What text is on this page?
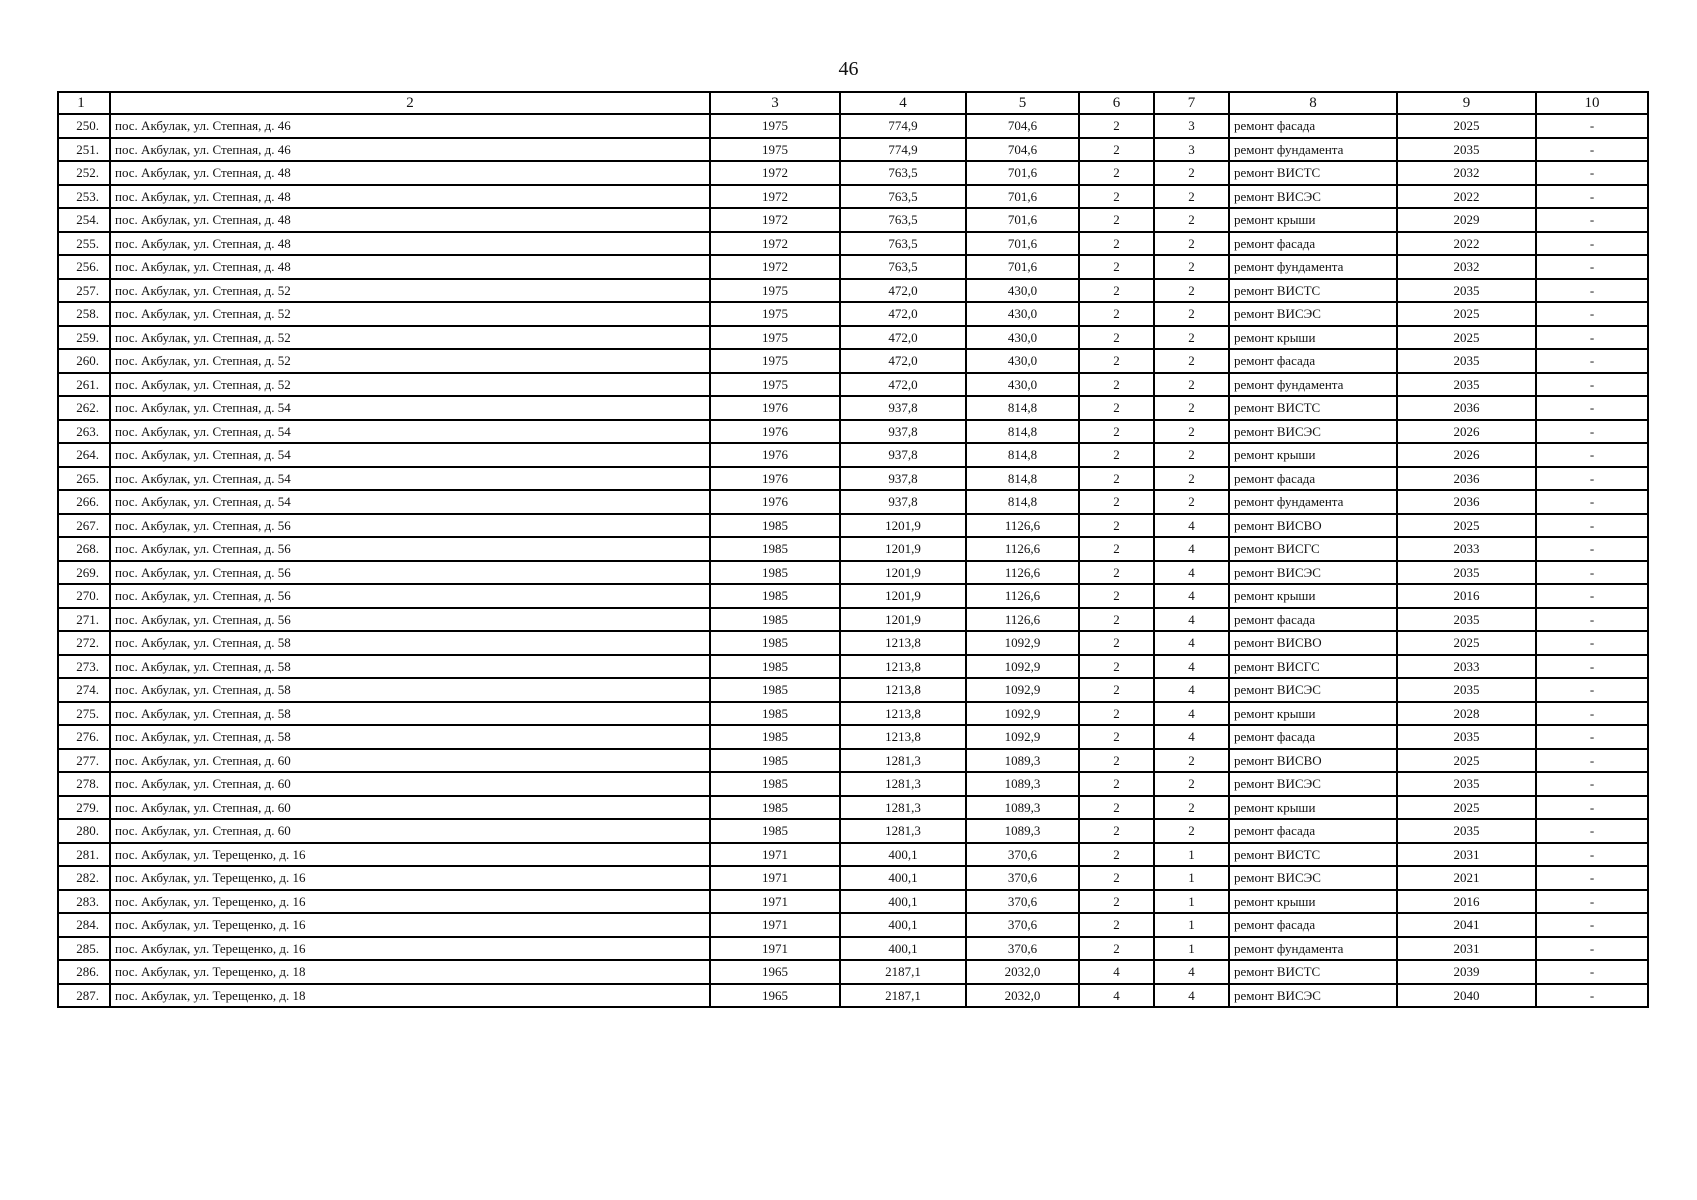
46
1	2	3	4	5	6	7	8	9	10
250.	пос. Акбулак, ул. Степная, д. 46	1975	774,9	704,6	2	3	ремонт фасада	2025	-
251.	пос. Акбулак, ул. Степная, д. 46	1975	774,9	704,6	2	3	ремонт фундамента	2035	-
252.	пос. Акбулак, ул. Степная, д. 48	1972	763,5	701,6	2	2	ремонт ВИСТС	2032	-
253.	пос. Акбулак, ул. Степная, д. 48	1972	763,5	701,6	2	2	ремонт ВИСЭС	2022	-
254.	пос. Акбулак, ул. Степная, д. 48	1972	763,5	701,6	2	2	ремонт крыши	2029	-
255.	пос. Акбулак, ул. Степная, д. 48	1972	763,5	701,6	2	2	ремонт фасада	2022	-
256.	пос. Акбулак, ул. Степная, д. 48	1972	763,5	701,6	2	2	ремонт фундамента	2032	-
257.	пос. Акбулак, ул. Степная, д. 52	1975	472,0	430,0	2	2	ремонт ВИСТС	2035	-
258.	пос. Акбулак, ул. Степная, д. 52	1975	472,0	430,0	2	2	ремонт ВИСЭС	2025	-
259.	пос. Акбулак, ул. Степная, д. 52	1975	472,0	430,0	2	2	ремонт крыши	2025	-
260.	пос. Акбулак, ул. Степная, д. 52	1975	472,0	430,0	2	2	ремонт фасада	2035	-
261.	пос. Акбулак, ул. Степная, д. 52	1975	472,0	430,0	2	2	ремонт фундамента	2035	-
262.	пос. Акбулак, ул. Степная, д. 54	1976	937,8	814,8	2	2	ремонт ВИСТС	2036	-
263.	пос. Акбулак, ул. Степная, д. 54	1976	937,8	814,8	2	2	ремонт ВИСЭС	2026	-
264.	пос. Акбулак, ул. Степная, д. 54	1976	937,8	814,8	2	2	ремонт крыши	2026	-
265.	пос. Акбулак, ул. Степная, д. 54	1976	937,8	814,8	2	2	ремонт фасада	2036	-
266.	пос. Акбулак, ул. Степная, д. 54	1976	937,8	814,8	2	2	ремонт фундамента	2036	-
267.	пос. Акбулак, ул. Степная, д. 56	1985	1201,9	1126,6	2	4	ремонт ВИСВО	2025	-
268.	пос. Акбулак, ул. Степная, д. 56	1985	1201,9	1126,6	2	4	ремонт ВИСГС	2033	-
269.	пос. Акбулак, ул. Степная, д. 56	1985	1201,9	1126,6	2	4	ремонт ВИСЭС	2035	-
270.	пос. Акбулак, ул. Степная, д. 56	1985	1201,9	1126,6	2	4	ремонт крыши	2016	-
271.	пос. Акбулак, ул. Степная, д. 56	1985	1201,9	1126,6	2	4	ремонт фасада	2035	-
272.	пос. Акбулак, ул. Степная, д. 58	1985	1213,8	1092,9	2	4	ремонт ВИСВО	2025	-
273.	пос. Акбулак, ул. Степная, д. 58	1985	1213,8	1092,9	2	4	ремонт ВИСГС	2033	-
274.	пос. Акбулак, ул. Степная, д. 58	1985	1213,8	1092,9	2	4	ремонт ВИСЭС	2035	-
275.	пос. Акбулак, ул. Степная, д. 58	1985	1213,8	1092,9	2	4	ремонт крыши	2028	-
276.	пос. Акбулак, ул. Степная, д. 58	1985	1213,8	1092,9	2	4	ремонт фасада	2035	-
277.	пос. Акбулак, ул. Степная, д. 60	1985	1281,3	1089,3	2	2	ремонт ВИСВО	2025	-
278.	пос. Акбулак, ул. Степная, д. 60	1985	1281,3	1089,3	2	2	ремонт ВИСЭС	2035	-
279.	пос. Акбулак, ул. Степная, д. 60	1985	1281,3	1089,3	2	2	ремонт крыши	2025	-
280.	пос. Акбулак, ул. Степная, д. 60	1985	1281,3	1089,3	2	2	ремонт фасада	2035	-
281.	пос. Акбулак, ул. Терещенко, д. 16	1971	400,1	370,6	2	1	ремонт ВИСТС	2031	-
282.	пос. Акбулак, ул. Терещенко, д. 16	1971	400,1	370,6	2	1	ремонт ВИСЭС	2021	-
283.	пос. Акбулак, ул. Терещенко, д. 16	1971	400,1	370,6	2	1	ремонт крыши	2016	-
284.	пос. Акбулак, ул. Терещенко, д. 16	1971	400,1	370,6	2	1	ремонт фасада	2041	-
285.	пос. Акбулак, ул. Терещенко, д. 16	1971	400,1	370,6	2	1	ремонт фундамента	2031	-
286.	пос. Акбулак, ул. Терещенко, д. 18	1965	2187,1	2032,0	4	4	ремонт ВИСТС	2039	-
287.	пос. Акбулак, ул. Терещенко, д. 18	1965	2187,1	2032,0	4	4	ремонт ВИСЭС	2040	-
